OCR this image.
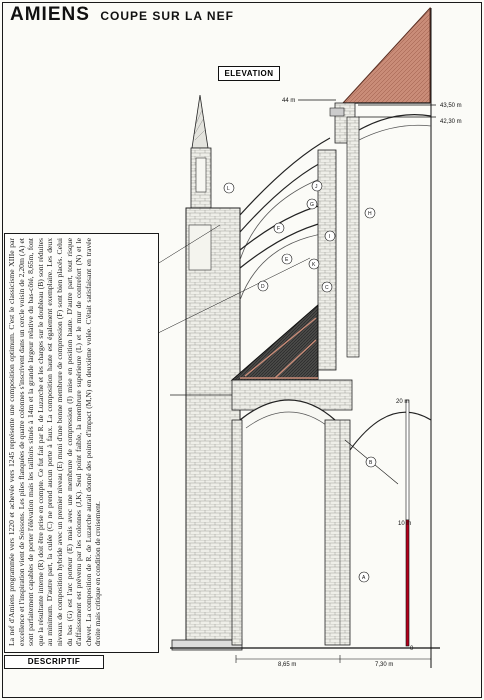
AMIENS COUPE SUR LA NEF
ELEVATION
44 m
43,50 m
42,30 m
L	J
G
H
F
I
E
K
D	C
B
A
20 m
10 m
0
8,65 m	7,30 m
La nef d'Amiens programmée vers 1220 et achevée vers 1245 représente une composition optimum. C'est le classicisme XIIIe par excellence et l'inspiration vient de Soissons. Les piles flanquées de quatre colonnes s'inscrivent dans un cercle voisin de 2,20m (A) et sont parfaitement capables de porter l'élévation mais les tailloirs situés à 14m et la grande largeur relative du bas-côté, 8,65m, font que la résultante interne (R) doit être prise en compte. Ce fut fait par R. de Luzarche et les charges sur le doubleau (B) sont réduites au minimum. D'autre part, la culée (C) ne prend aucun porte à faux. La composition haute est également exemplaire. Les deux niveaux de composition hybride avec un premier niveau (E) muni d'une bonne membrure de compression (F) sont bien placés. Celui du bas (G) est l'arc porteur (E) mais avec une membrure de compression (I) mise en position haute. D'autre part, tout risque d'affaissement est prévenu par les colonnes (J,K). Seul point faible, la membrure supérieure (L) et le mur de contrefort (N) et le chevet. La composition de R. de Luzarche aurait donné des points d'impact (M,N) en deuxième volée. C'était satisfaisant en travée droite mais critique en condition de croisement.
DESCRIPTIF
